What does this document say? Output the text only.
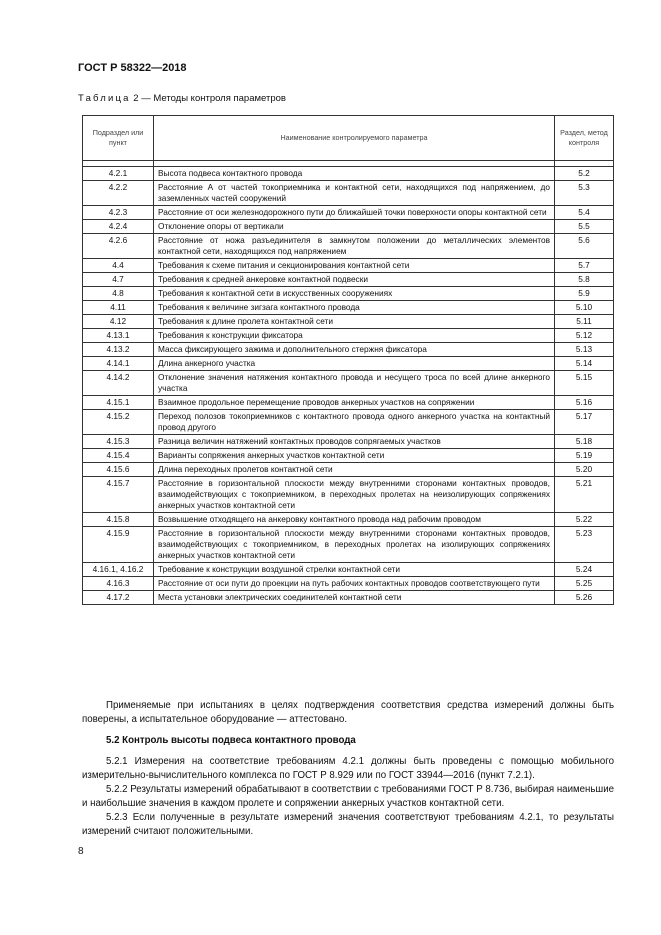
ГОСТ Р 58322—2018
Таблица 2 — Методы контроля параметров
Подраздел или пункт	Наименование контролируемого параметра	Раздел, метод контроля

4.2.1	Высота подвеса контактного провода	5.2
4.2.2	Расстояние А от частей токоприемника и контактной сети, находящихся под напряжением, до заземленных частей сооружений	5.3
4.2.3	Расстояние от оси железнодорожного пути до ближайшей точки поверхности опоры контактной сети	5.4
4.2.4	Отклонение опоры от вертикали	5.5
4.2.6	Расстояние от ножа разъединителя в замкнутом положении до металлических элементов контактной сети, находящихся под напряжением	5.6
4.4	Требования к схеме питания и секционирования контактной сети	5.7
4.7	Требования к средней анкеровке контактной подвески	5.8
4.8	Требования к контактной сети в искусственных сооружениях	5.9
4.11	Требования к величине зигзага контактного провода	5.10
4.12	Требования к длине пролета контактной сети	5.11
4.13.1	Требования к конструкции фиксатора	5.12
4.13.2	Масса фиксирующего зажима и дополнительного стержня фиксатора	5.13
4.14.1	Длина анкерного участка	5.14
4.14.2	Отклонение значения натяжения контактного провода и несущего троса по всей длине анкерного участка	5.15
4.15.1	Взаимное продольное перемещение проводов анкерных участков на сопряжении	5.16
4.15.2	Переход полозов токоприемников с контактного провода одного анкерного участка на контактный провод другого	5.17
4.15.3	Разница величин натяжений контактных проводов сопрягаемых участков	5.18
4.15.4	Варианты сопряжения анкерных участков контактной сети	5.19
4.15.6	Длина переходных пролетов контактной сети	5.20
4.15.7	Расстояние в горизонтальной плоскости между внутренними сторонами контактных проводов, взаимодействующих с токоприемником, в переходных пролетах на неизолирующих сопряжениях анкерных участков контактной сети	5.21
4.15.8	Возвышение отходящего на анкеровку контактного провода над рабочим проводом	5.22
4.15.9	Расстояние в горизонтальной плоскости между внутренними сторонами контактных проводов, взаимодействующих с токоприемником, в переходных пролетах на изолирующих сопряжениях анкерных участков контактной сети	5.23
4.16.1, 4.16.2	Требование к конструкции воздушной стрелки контактной сети	5.24
4.16.3	Расстояние от оси пути до проекции на путь рабочих контактных проводов соответствующего пути	5.25
4.17.2	Места установки электрических соединителей контактной сети	5.26

Применяемые при испытаниях в целях подтверждения соответствия средства измерений должны быть поверены, а испытательное оборудование — аттестовано.

5.2 Контроль высоты подвеса контактного провода

5.2.1 Измерения на соответствие требованиям 4.2.1 должны быть проведены с помощью мобильного измерительно-вычислительного комплекса по ГОСТ Р 8.929 или по ГОСТ 33944—2016 (пункт 7.2.1).

5.2.2 Результаты измерений обрабатывают в соответствии с требованиями ГОСТ Р 8.736, выбирая наименьшие и наибольшие значения в каждом пролете и сопряжении анкерных участков контактной сети.

5.2.3 Если полученные в результате измерений значения соответствуют требованиям 4.2.1, то результаты измерений считают положительными.

8
